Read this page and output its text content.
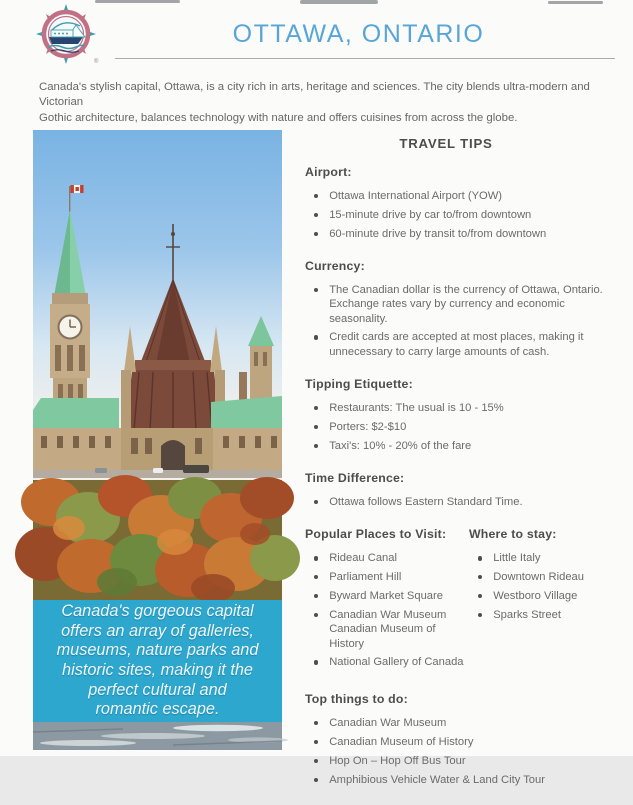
®
OTTAWA, ONTARIO

Canada's stylish capital, Ottawa, is a city rich in arts, heritage and sciences. The city blends ultra-modern and Victorian
Gothic architecture, balances technology with nature and offers cuisines from across the globe.

Canada's gorgeous capital
offers an array of galleries,
museums, nature parks and
historic sites, making it the
perfect cultural and
romantic escape.
TRAVEL TIPS
Airport:
Ottawa International Airport (YOW)
15-minute drive by car to/from downtown
60-minute drive by transit to/from downtown
Currency:
The Canadian dollar is the currency of Ottawa, Ontario.
Exchange rates vary by currency and economic
seasonality.
Credit cards are accepted at most places, making it
unnecessary to carry large amounts of cash.
Tipping Etiquette:
Restaurants: The usual is 10 - 15%
Porters: $2-$10
Taxi's: 10% - 20% of the fare
Time Difference:
Ottawa follows Eastern Standard Time.
Popular Places to Visit:
Rideau Canal
Parliament Hill
Byward Market Square
Canadian War Museum
Canadian Museum of History
National Gallery of Canada
Where to stay:
Little Italy
Downtown Rideau
Westboro Village
Sparks Street
Top things to do:
Canadian War Museum
Canadian Museum of History
Hop On – Hop Off Bus Tour
Amphibious Vehicle Water & Land City Tour
